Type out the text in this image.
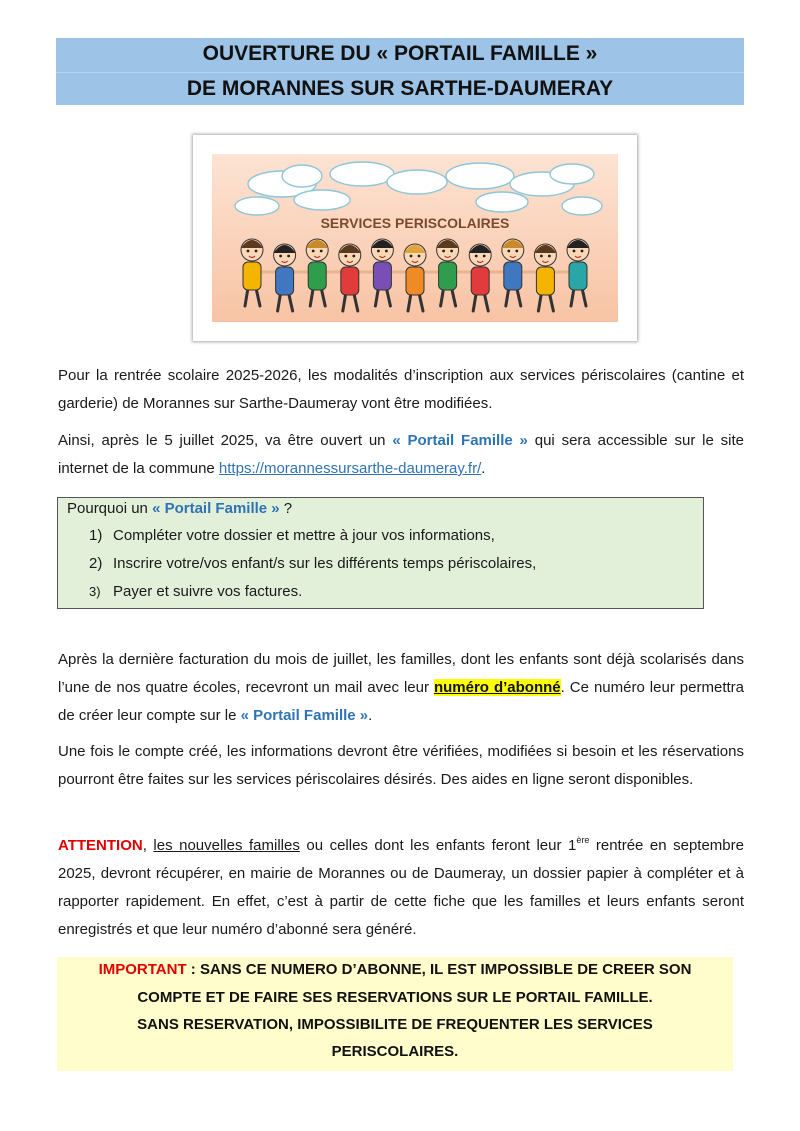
OUVERTURE DU « PORTAIL FAMILLE »
DE MORANNES SUR SARTHE-DAUMERAY
SERVICES PERISCOLAIRES

Pour la rentrée scolaire 2025-2026, les modalités d’inscription aux services périscolaires (cantine et garderie) de Morannes sur Sarthe-Daumeray vont être modifiées.

Ainsi, après le 5 juillet 2025, va être ouvert un « Portail Famille » qui sera accessible sur le site internet de la commune https://morannessursarthe-daumeray.fr/.

Pourquoi un « Portail Famille » ?
1) Compléter votre dossier et mettre à jour vos informations,
2) Inscrire votre/vos enfant/s sur les différents temps périscolaires,
3) Payer et suivre vos factures.

Après la dernière facturation du mois de juillet, les familles, dont les enfants sont déjà scolarisés dans l’une de nos quatre écoles, recevront un mail avec leur numéro d’abonné. Ce numéro leur permettra de créer leur compte sur le « Portail Famille ».

Une fois le compte créé, les informations devront être vérifiées, modifiées si besoin et les réservations pourront être faites sur les services périscolaires désirés. Des aides en ligne seront disponibles.

ATTENTION, les nouvelles familles ou celles dont les enfants feront leur 1ère rentrée en septembre 2025, devront récupérer, en mairie de Morannes ou de Daumeray, un dossier papier à compléter et à rapporter rapidement. En effet, c’est à partir de cette fiche que les familles et leurs enfants seront enregistrés et que leur numéro d’abonné sera généré.

IMPORTANT : SANS CE NUMERO D’ABONNE, IL EST IMPOSSIBLE DE CREER SON
COMPTE ET DE FAIRE SES RESERVATIONS SUR LE PORTAIL FAMILLE.
SANS RESERVATION, IMPOSSIBILITE DE FREQUENTER LES SERVICES
PERISCOLAIRES.
